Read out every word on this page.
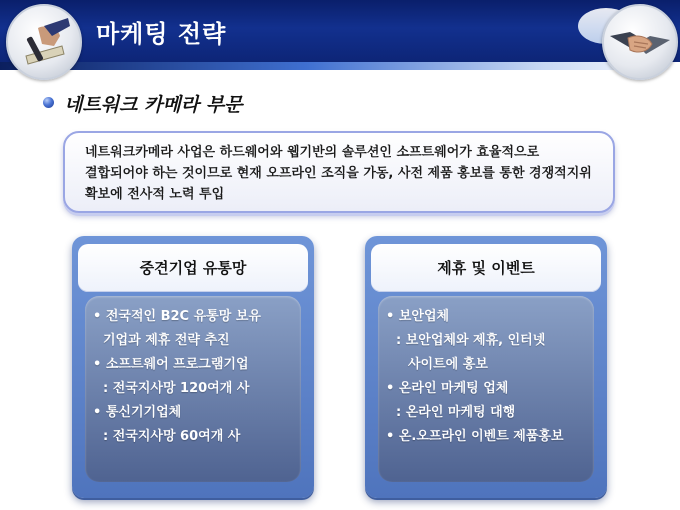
마케팅 전략
네트워크 카메라 부문

네트워크카메라 사업은 하드웨어와 웹기반의 솔루션인 소프트웨어가 효율적으로 결합되어야 하는 것이므로 현재 오프라인 조직을 가동, 사전 제품 홍보를 통한 경쟁적지위 확보에 전사적 노력 투입

중견기업 유통망

• 전국적인 B2C 유통망 보유
기업과 제휴 전략 추진
• 소프트웨어 프로그램기업
: 전국지사망 120여개 사
• 통신기기업체
: 전국지사망 60여개 사

제휴 및 이벤트

• 보안업체
: 보안업체와 제휴, 인터넷
사이트에 홍보
• 온라인 마케팅 업체
: 온라인 마케팅 대행
• 온.오프라인 이벤트 제품홍보
